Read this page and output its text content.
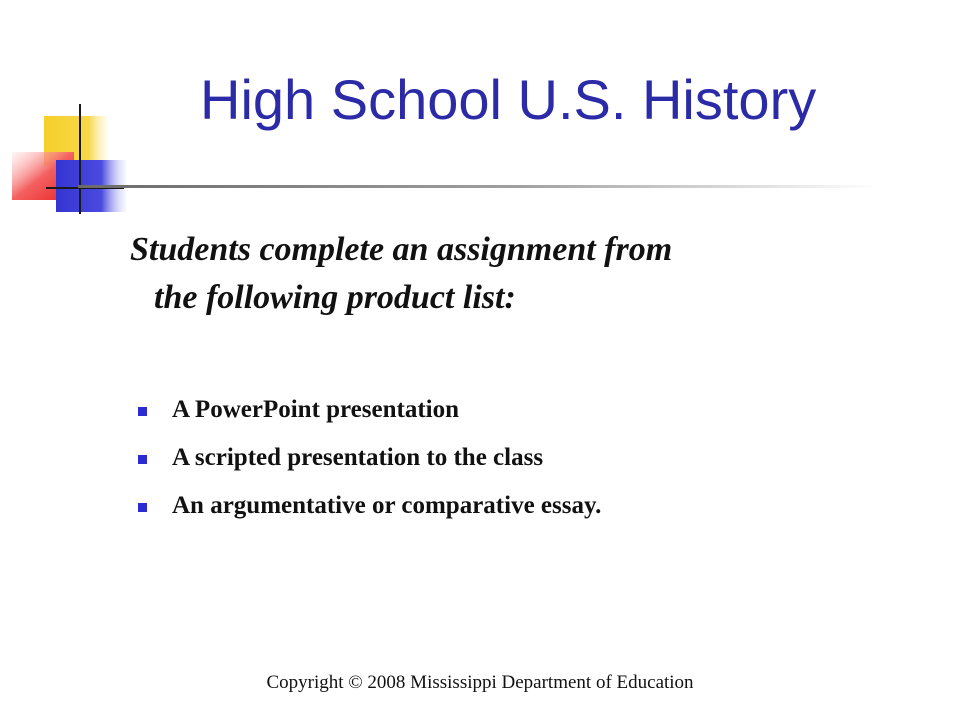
High School U.S. History
Students complete an assignment from
the following product list:
A PowerPoint presentation
A scripted presentation to the class
An argumentative or comparative essay.
Copyright © 2008 Mississippi Department of Education
